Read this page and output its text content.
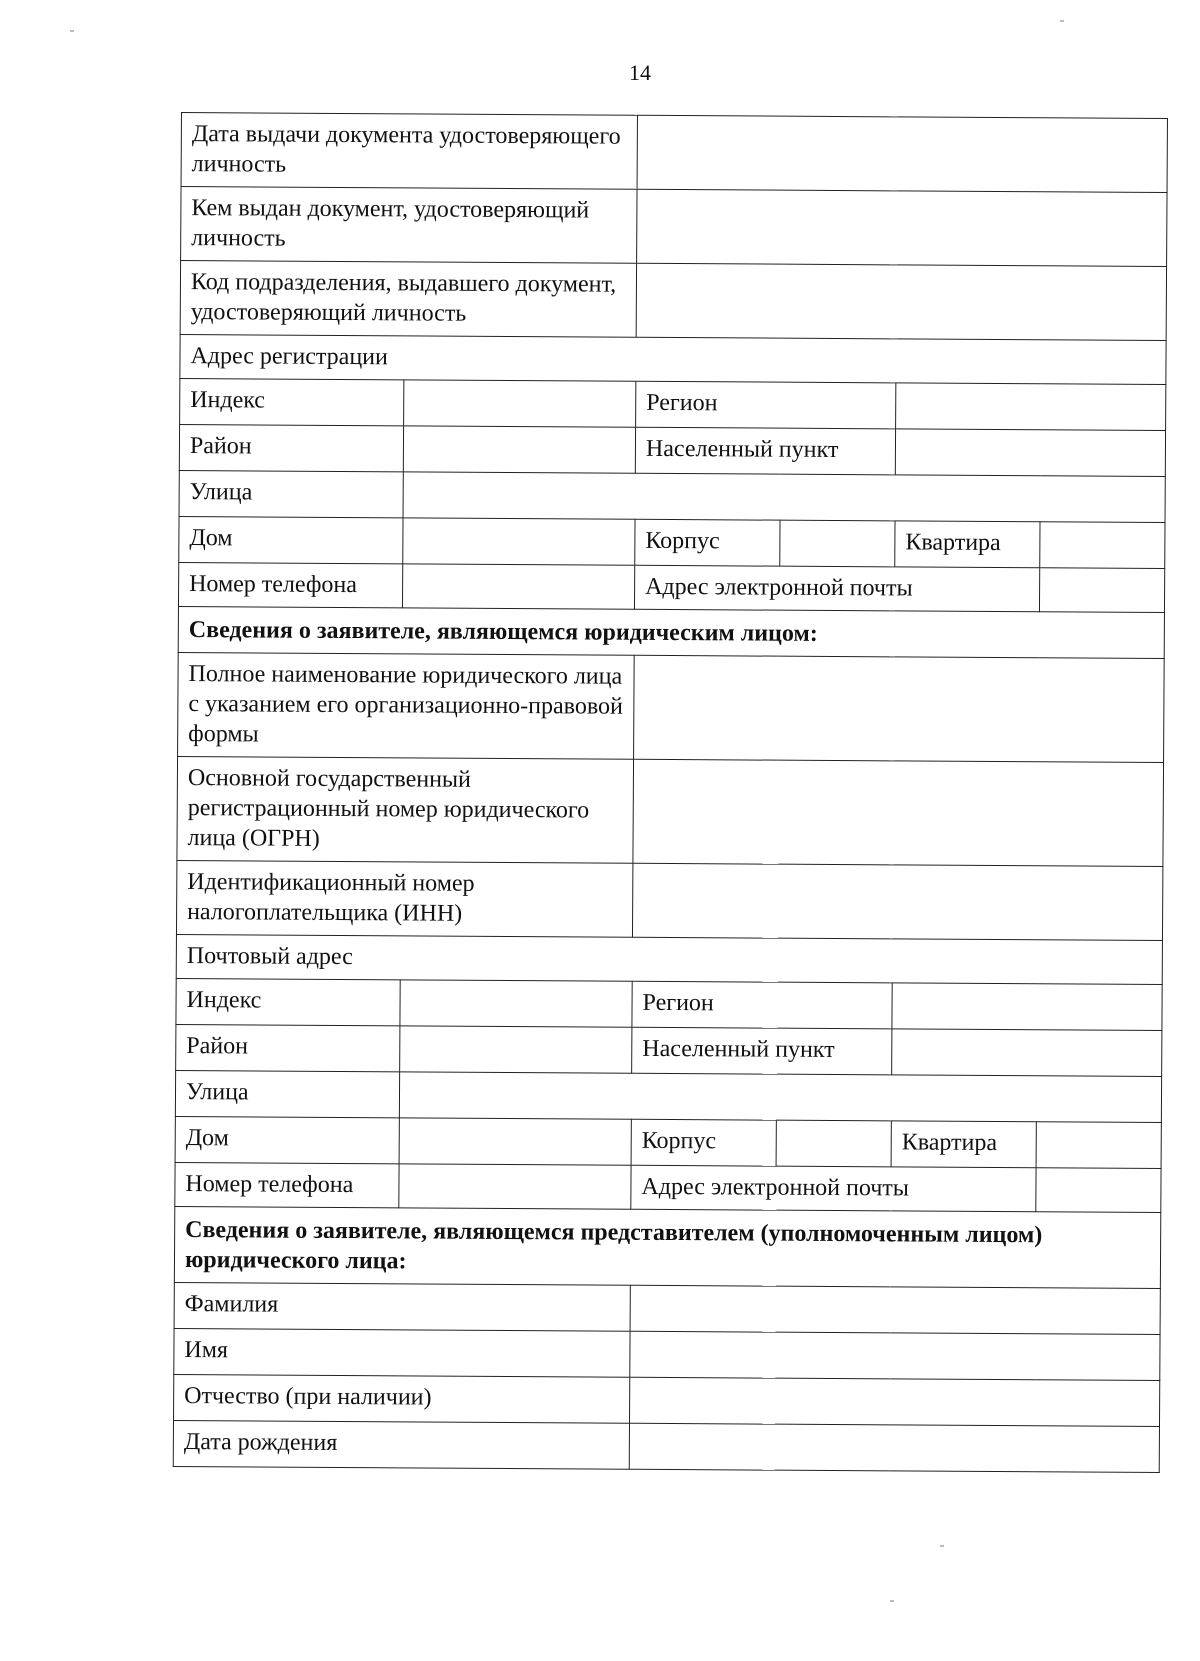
14
Дата выдачи документа удостоверяющего личность					
Кем выдан документ, удостоверяющий личность					
Код подразделения, выдавшего документ, удостоверяющий личность					
Адрес регистрации					
Индекс		Регион			
Район		Населенный пункт			
Улица					
Дом		Корпус		Квартира	
Номер телефона		Адрес электронной почты			
Сведения о заявителе, являющемся юридическим лицом:					
Полное наименование юридического лица с указанием его организационно-правовой формы					
Основной государственный регистрационный номер юридического лица (ОГРН)					
Идентификационный номер налогоплательщика (ИНН)					
Почтовый адрес					
Индекс		Регион			
Район		Населенный пункт			
Улица					
Дом		Корпус		Квартира	
Номер телефона		Адрес электронной почты			
Сведения о заявителе, являющемся представителем (уполномоченным лицом) юридического лица:					
Фамилия					
Имя					
Отчество (при наличии)					
Дата рождения					
